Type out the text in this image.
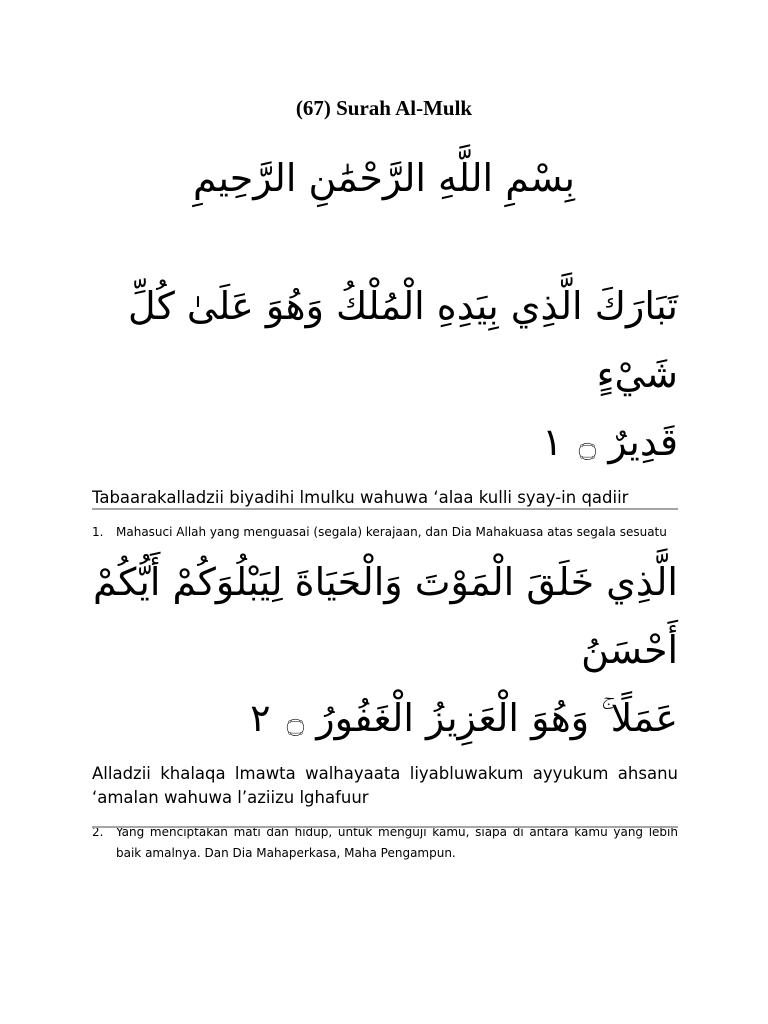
(67) Surah Al-Mulk
بِسْمِ اللَّهِ الرَّحْمَٰنِ الرَّحِيمِ
تَبَارَكَ الَّذِي بِيَدِهِ الْمُلْكُ وَهُوَ عَلَىٰ كُلِّ شَيْءٍ
قَدِيرٌ ۝ ١
Tabaarakalladzii biyadihi lmulku wahuwa ‘alaa kulli syay-in qadiir
1.	Mahasuci Allah yang menguasai (segala) kerajaan, dan Dia Mahakuasa atas segala sesuatu
الَّذِي خَلَقَ الْمَوْتَ وَالْحَيَاةَ لِيَبْلُوَكُمْ أَيُّكُمْ أَحْسَنُ
عَمَلًا ۚ وَهُوَ الْعَزِيزُ الْغَفُورُ ۝ ٢
Alladzii khalaqa lmawta walhayaata liyabluwakum ayyukum ahsanu ‘amalan wahuwa l’aziizu lghafuur
2.	Yang menciptakan mati dan hidup, untuk menguji kamu, siapa di antara kamu yang lebih baik amalnya. Dan Dia Mahaperkasa, Maha Pengampun.
